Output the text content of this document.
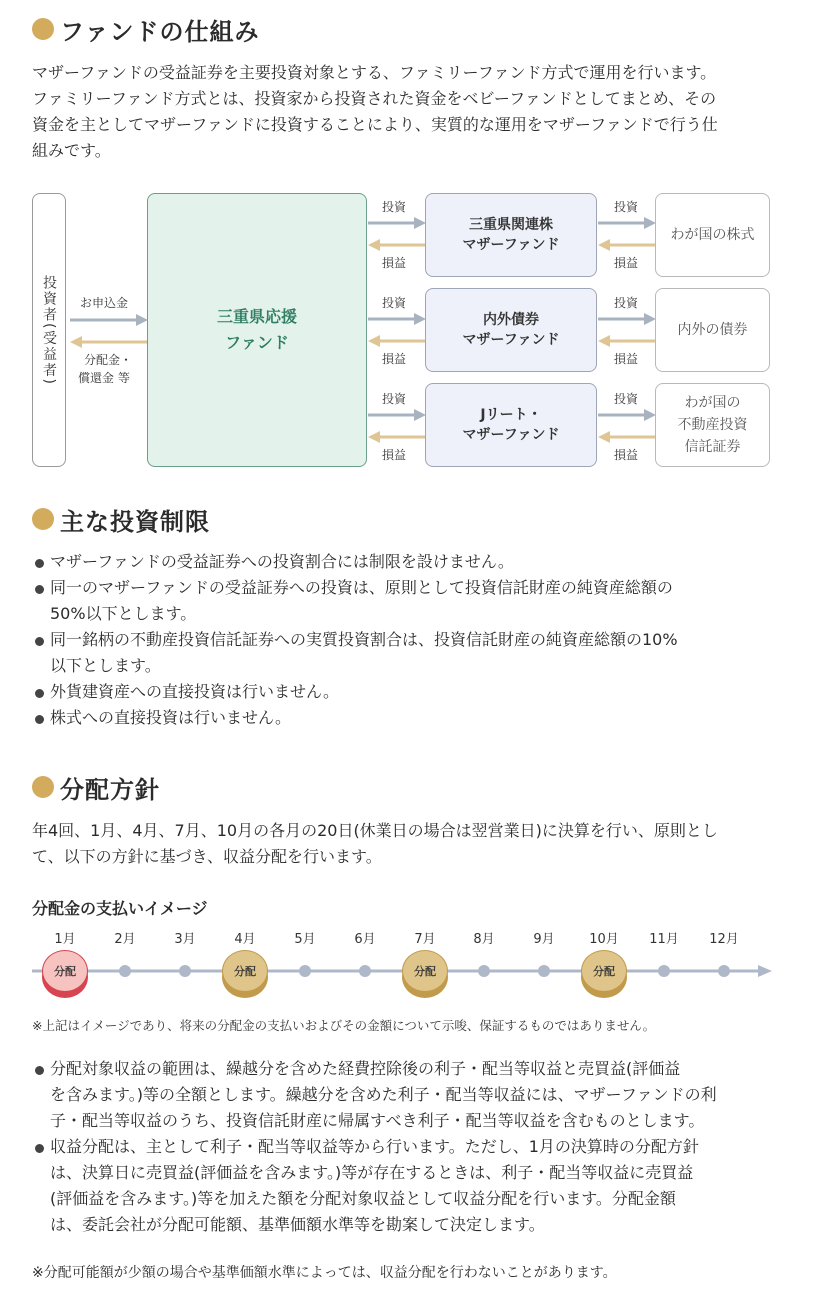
ファンドの仕組み

マザーファンドの受益証券を主要投資対象とする、ファミリーファンド方式で運用を行います。

ファミリーファンド方式とは、投資家から投資された資金をベビーファンドとしてまとめ、その

資金を主としてマザーファンドに投資することにより、実質的な運用をマザーファンドで行う仕

組みです。

投資者(受益者) お申込金
分配金・
償還金 等
三重県応援
ファンド
投資
損益
三重県関連株
マザーファンド
投資
損益
わが国の株式
投資
損益
内外債券
マザーファンド
投資
損益
内外の債券
投資
損益
Jリート・
マザーファンド
投資
損益
わが国の
不動産投資
信託証券
主な投資制限
マザーファンドの受益証券への投資割合には制限を設けません。
同一のマザーファンドの受益証券への投資は、原則として投資信託財産の純資産総額の
50%以下とします。
同一銘柄の不動産投資信託証券への実質投資割合は、投資信託財産の純資産総額の10%
以下とします。
外貨建資産への直接投資は行いません。
株式への直接投資は行いません。
分配方針

年4回、1月、4月、7月、10月の各月の20日(休業日の場合は翌営業日)に決算を行い、原則とし

て、以下の方針に基づき、収益分配を行います。

分配金の支払いイメージ
1月	2月	3月	4月	5月	6月	7月	8月	9月	10月	11月	12月
分配	分配	分配	分配
※上記はイメージであり、将来の分配金の支払いおよびその金額について示唆、保証するものではありません。
分配対象収益の範囲は、繰越分を含めた経費控除後の利子・配当等収益と売買益(評価益
を含みます。)等の全額とします。繰越分を含めた利子・配当等収益には、マザーファンドの利
子・配当等収益のうち、投資信託財産に帰属すべき利子・配当等収益を含むものとします。
収益分配は、主として利子・配当等収益等から行います。ただし、1月の決算時の分配方針
は、決算日に売買益(評価益を含みます。)等が存在するときは、利子・配当等収益に売買益
(評価益を含みます。)等を加えた額を分配対象収益として収益分配を行います。分配金額
は、委託会社が分配可能額、基準価額水準等を勘案して決定します。
※分配可能額が少額の場合や基準価額水準によっては、収益分配を行わないことがあります。
